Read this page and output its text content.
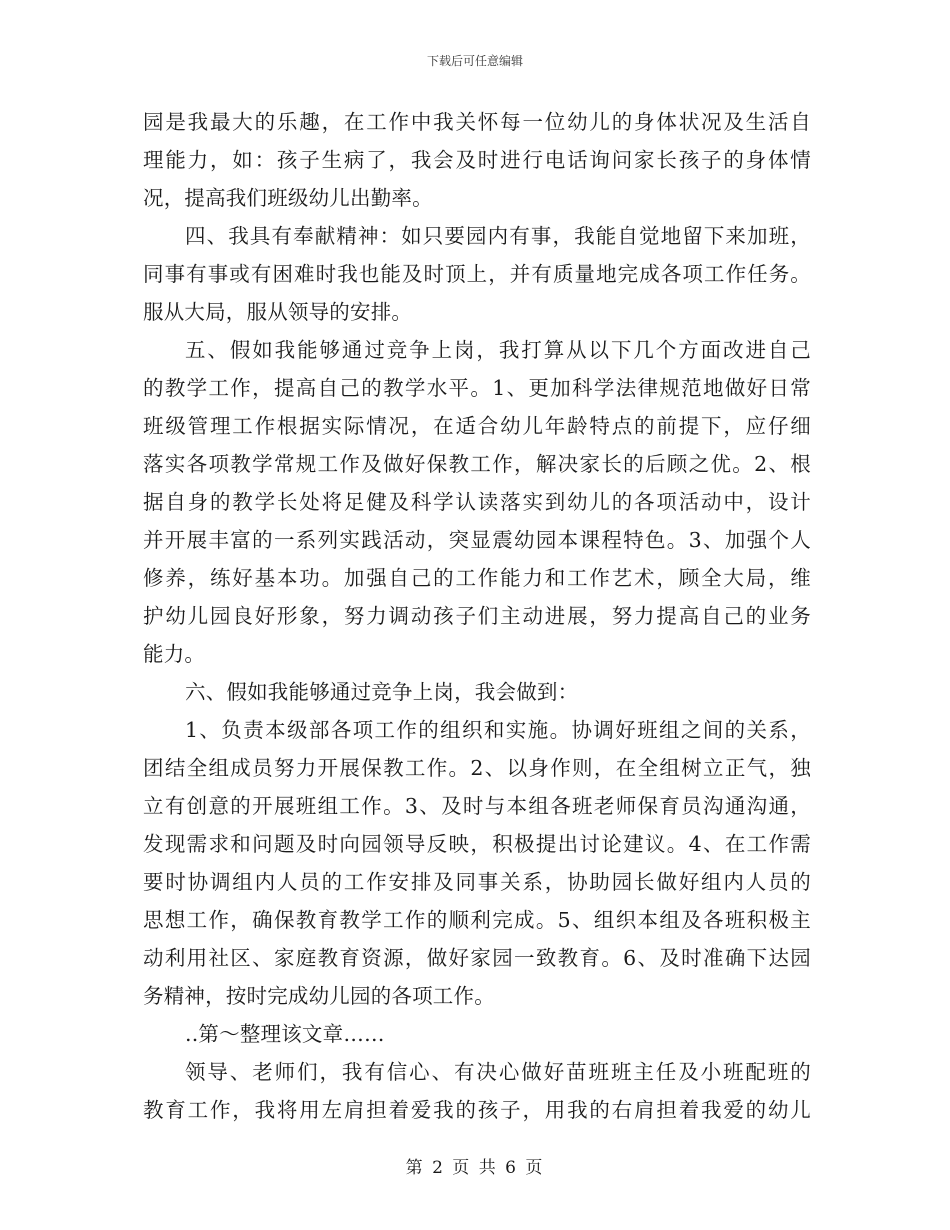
下载后可任意编辑
园是我最大的乐趣，在工作中我关怀每一位幼儿的身体状况及生活自
理能力，如：孩子生病了，我会及时进行电话询问家长孩子的身体情
况，提高我们班级幼儿出勤率。
四、我具有奉献精神：如只要园内有事，我能自觉地留下来加班，
同事有事或有困难时我也能及时顶上，并有质量地完成各项工作任务。
服从大局，服从领导的安排。
五、假如我能够通过竞争上岗，我打算从以下几个方面改进自己
的教学工作，提高自己的教学水平。1、更加科学法律规范地做好日常
班级管理工作根据实际情况，在适合幼儿年龄特点的前提下，应仔细
落实各项教学常规工作及做好保教工作，解决家长的后顾之优。2、根
据自身的教学长处将足健及科学认读落实到幼儿的各项活动中，设计
并开展丰富的一系列实践活动，突显震幼园本课程特色。3、加强个人
修养，练好基本功。加强自己的工作能力和工作艺术，顾全大局，维
护幼儿园良好形象，努力调动孩子们主动进展，努力提高自己的业务
能力。
六、假如我能够通过竞争上岗，我会做到：
1、负责本级部各项工作的组织和实施。协调好班组之间的关系，
团结全组成员努力开展保教工作。2、以身作则，在全组树立正气，独
立有创意的开展班组工作。3、及时与本组各班老师保育员沟通沟通，
发现需求和问题及时向园领导反映，积极提出讨论建议。4、在工作需
要时协调组内人员的工作安排及同事关系，协助园长做好组内人员的
思想工作，确保教育教学工作的顺利完成。5、组织本组及各班积极主
动利用社区、家庭教育资源，做好家园一致教育。6、及时准确下达园
务精神，按时完成幼儿园的各项工作。
..第～整理该文章……
领导、老师们，我有信心、有决心做好苗班班主任及小班配班的
教育工作，我将用左肩担着爱我的孩子，用我的右肩担着我爱的幼儿
第 2 页 共 6 页
